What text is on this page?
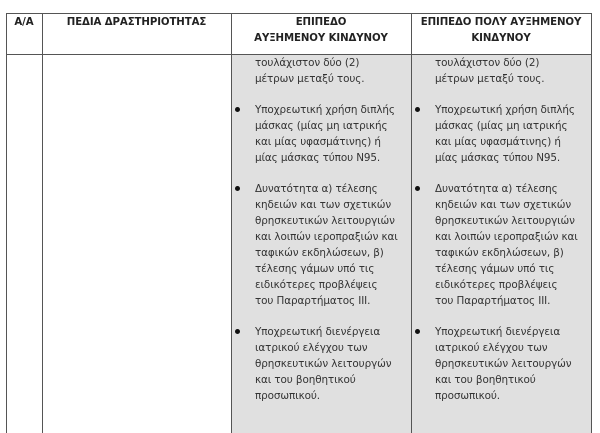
Α/Α	ΠΕΔΙΑ ΔΡΑΣΤΗΡΙΟΤΗΤΑΣ	ΕΠΙΠΕΔΟ
ΑΥΞΗΜΕΝΟΥ ΚΙΝΔΥΝΟΥ
ΕΠΙΠΕΔΟ ΠΟΛΥ ΑΥΞΗΜΕΝΟΥ
ΚΙΝΔΥΝΟΥ
τουλάχιστον δύο (2)
μέτρων μεταξύ τους.
Υποχρεωτική χρήση διπλής
μάσκας (μίας μη ιατρικής
και μίας υφασμάτινης) ή
μίας μάσκας τύπου Ν95.
Δυνατότητα α) τέλεσης
κηδειών και των σχετικών
θρησκευτικών λειτουργιών
και λοιπών ιεροπραξιών και
ταφικών εκδηλώσεων, β)
τέλεσης γάμων υπό τις
ειδικότερες προβλέψεις
του Παραρτήματος ΙΙΙ.
Υποχρεωτική διενέργεια
ιατρικού ελέγχου των
θρησκευτικών λειτουργών
και του βοηθητικού
προσωπικού.
τουλάχιστον δύο (2)
μέτρων μεταξύ τους.
Υποχρεωτική χρήση διπλής
μάσκας (μίας μη ιατρικής
και μίας υφασμάτινης) ή
μίας μάσκας τύπου Ν95.
Δυνατότητα α) τέλεσης
κηδειών και των σχετικών
θρησκευτικών λειτουργιών
και λοιπών ιεροπραξιών και
ταφικών εκδηλώσεων, β)
τέλεσης γάμων υπό τις
ειδικότερες προβλέψεις
του Παραρτήματος ΙΙΙ.
Υποχρεωτική διενέργεια
ιατρικού ελέγχου των
θρησκευτικών λειτουργών
και του βοηθητικού
προσωπικού.
